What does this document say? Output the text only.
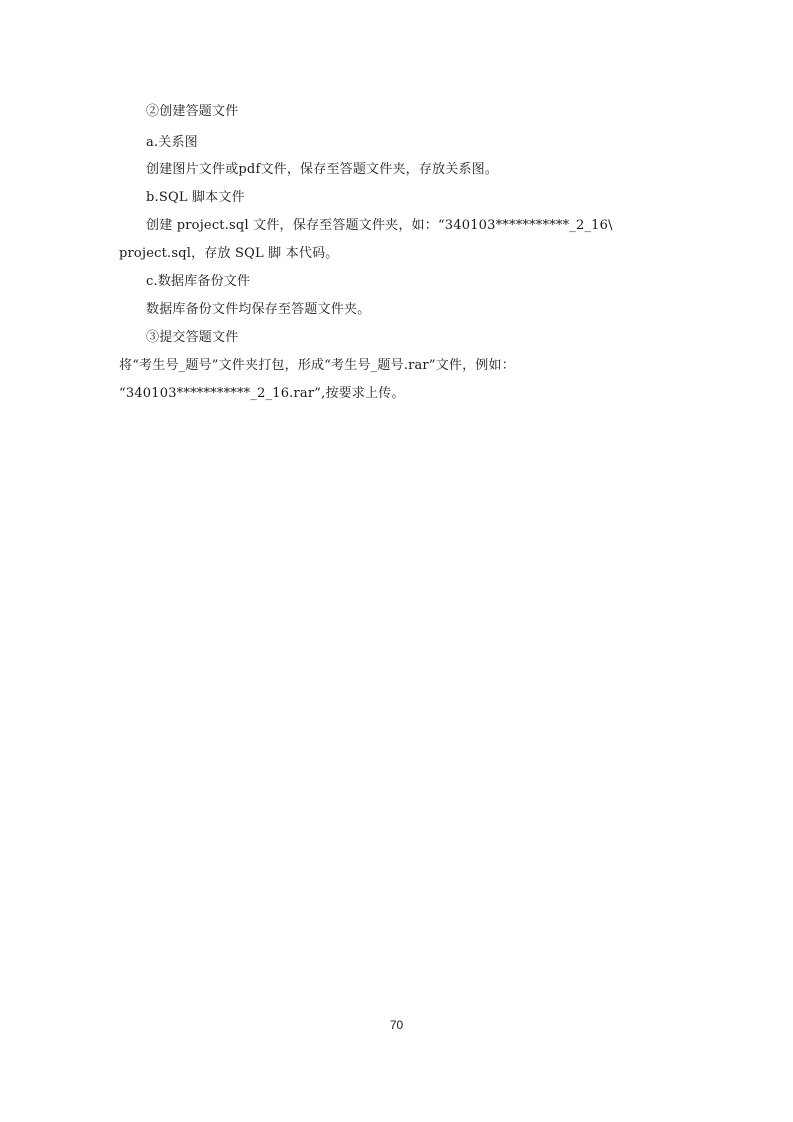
②创建答题文件
a.关系图
创建图片文件或pdf文件，保存至答题文件夹，存放关系图。
b.SQL 脚本文件
创建 project.sql 文件，保存至答题文件夹，如：“340103***********_2_16\
project.sql，存放 SQL 脚 本代码。
c.数据库备份文件
数据库备份文件均保存至答题文件夹。
③提交答题文件
将“考生号_题号”文件夹打包，形成“考生号_题号.rar”文件，例如：
“340103***********_2_16.rar”,按要求上传。
70
